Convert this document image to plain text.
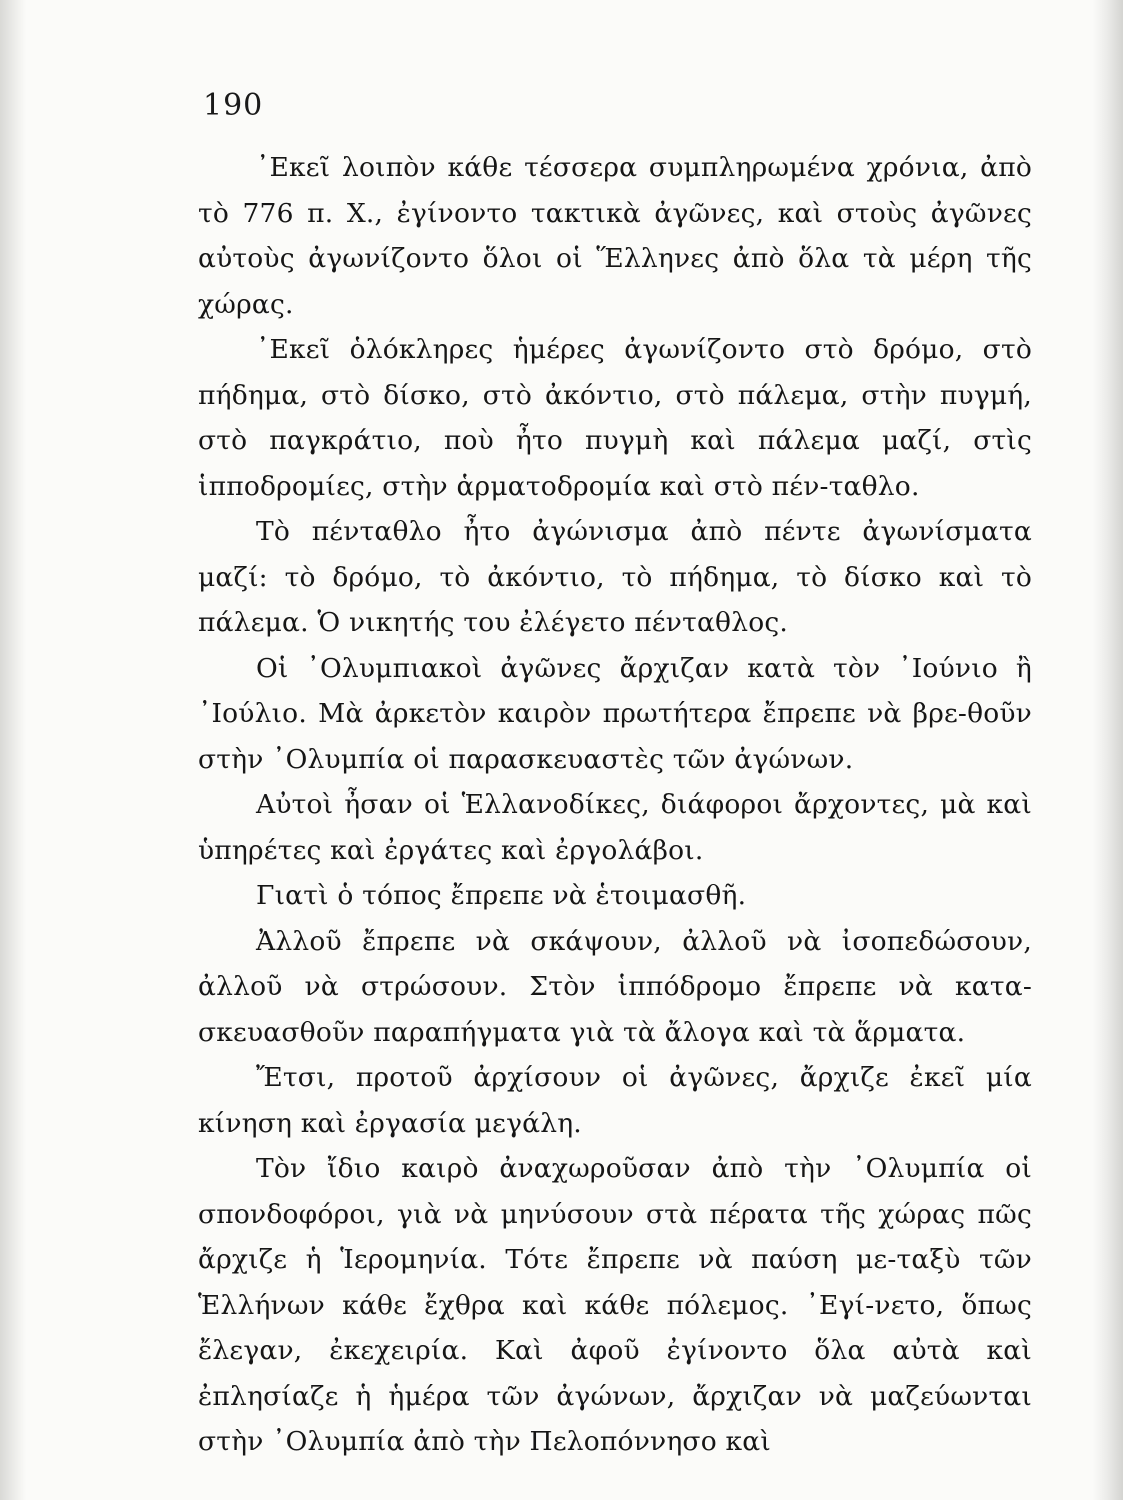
190

᾿Εκεῖ λοιπὸν κάθε τέσσερα συμπληρωμένα χρόνια, ἀπὸ τὸ 776 π. Χ., ἐγίνοντο τακτικὰ ἀγῶνες, καὶ στοὺς ἀγῶνες αὐτοὺς ἀγωνίζοντο ὅλοι οἱ Ἕλληνες ἀπὸ ὅλα τὰ μέρη τῆς χώρας.

᾿Εκεῖ ὁλόκληρες ἡμέρες ἀγωνίζοντο στὸ δρόμο, στὸ πήδημα, στὸ δίσκο, στὸ ἀκόντιο, στὸ πάλεμα, στὴν πυγμή, στὸ παγκράτιο, ποὺ ἦτο πυγμὴ καὶ πάλεμα μαζί, στὶς ἱπποδρομίες, στὴν ἁρματοδρομία καὶ στὸ πέν-ταθλο.

Τὸ πένταθλο ἦτο ἀγώνισμα ἀπὸ πέντε ἀγωνίσματα μαζί: τὸ δρόμο, τὸ ἀκόντιο, τὸ πήδημα, τὸ δίσκο καὶ τὸ πάλεμα. Ὁ νικητής του ἐλέγετο πένταθλος.

Οἱ ᾿Ολυμπιακοὶ ἀγῶνες ἄρχιζαν κατὰ τὸν ᾿Ιούνιο ἢ ᾿Ιούλιο. Μὰ ἀρκετὸν καιρὸν πρωτήτερα ἔπρεπε νὰ βρε-θοῦν στὴν ᾿Ολυμπία οἱ παρασκευαστὲς τῶν ἀγώνων.

Αὐτοὶ ἦσαν οἱ Ἑλλανοδίκες, διάφοροι ἄρχοντες, μὰ καὶ ὑπηρέτες καὶ ἐργάτες καὶ ἐργολάβοι.

Γιατὶ ὁ τόπος ἔπρεπε νὰ ἑτοιμασθῆ.

Ἀλλοῦ ἔπρεπε νὰ σκάψουν, ἀλλοῦ νὰ ἰσοπεδώσουν, ἀλλοῦ νὰ στρώσουν. Στὸν ἱππόδρομο ἔπρεπε νὰ κατα-σκευασθοῦν παραπήγματα γιὰ τὰ ἄλογα καὶ τὰ ἅρματα.

Ἔτσι, προτοῦ ἀρχίσουν οἱ ἀγῶνες, ἄρχιζε ἐκεῖ μία κίνηση καὶ ἐργασία μεγάλη.

Τὸν ἴδιο καιρὸ ἀναχωροῦσαν ἀπὸ τὴν ᾿Ολυμπία οἱ σπονδοφόροι, γιὰ νὰ μηνύσουν στὰ πέρατα τῆς χώρας πῶς ἄρχιζε ἡ Ἱερομηνία. Τότε ἔπρεπε νὰ παύση με-ταξὺ τῶν Ἑλλήνων κάθε ἔχθρα καὶ κάθε πόλεμος. ᾿Εγί-νετο, ὅπως ἔλεγαν, ἐκεχειρία. Καὶ ἀφοῦ ἐγίνοντο ὅλα αὐτὰ καὶ ἐπλησίαζε ἡ ἡμέρα τῶν ἀγώνων, ἄρχιζαν νὰ μαζεύωνται στὴν ᾿Ολυμπία ἀπὸ τὴν Πελοπόννησο καὶ
